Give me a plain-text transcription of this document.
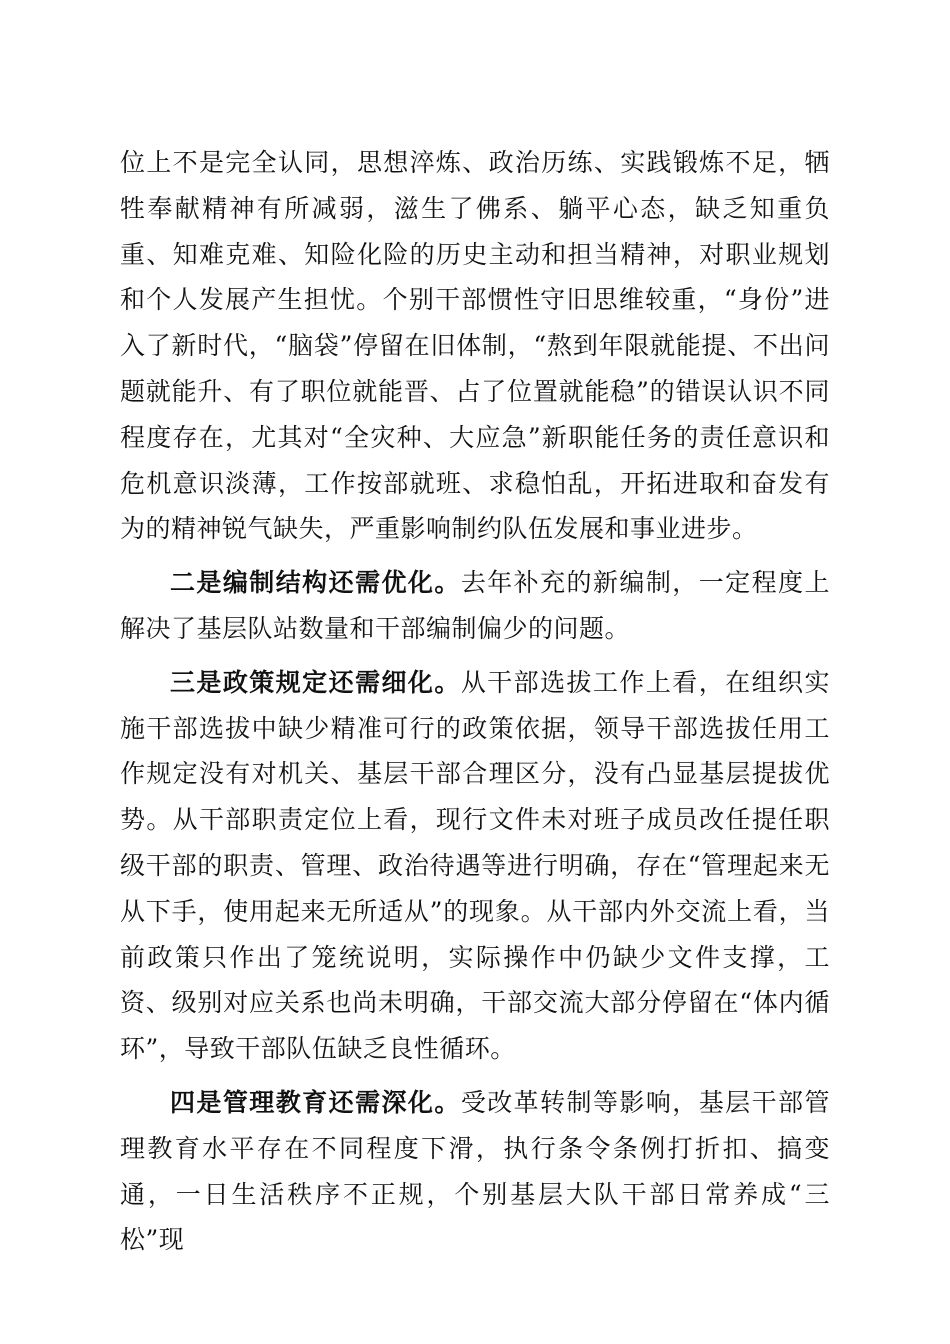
位上不是完全认同，思想淬炼、政治历练、实践锻炼不足，牺牲奉献精神有所减弱，滋生了佛系、躺平心态，缺乏知重负重、知难克难、知险化险的历史主动和担当精神，对职业规划和个人发展产生担忧。个别干部惯性守旧思维较重，“身份”进入了新时代，“脑袋”停留在旧体制，“熬到年限就能提、不出问题就能升、有了职位就能晋、占了位置就能稳”的错误认识不同程度存在，尤其对“全灾种、大应急”新职能任务的责任意识和危机意识淡薄，工作按部就班、求稳怕乱，开拓进取和奋发有为的精神锐气缺失，严重影响制约队伍发展和事业进步。

二是编制结构还需优化。去年补充的新编制，一定程度上解决了基层队站数量和干部编制偏少的问题。

三是政策规定还需细化。从干部选拔工作上看，在组织实施干部选拔中缺少精准可行的政策依据，领导干部选拔任用工作规定没有对机关、基层干部合理区分，没有凸显基层提拔优势。从干部职责定位上看，现行文件未对班子成员改任提任职级干部的职责、管理、政治待遇等进行明确，存在“管理起来无从下手，使用起来无所适从”的现象。从干部内外交流上看，当前政策只作出了笼统说明，实际操作中仍缺少文件支撑，工资、级别对应关系也尚未明确，干部交流大部分停留在“体内循环”，导致干部队伍缺乏良性循环。

四是管理教育还需深化。受改革转制等影响，基层干部管理教育水平存在不同程度下滑，执行条令条例打折扣、搞变通，一日生活秩序不正规，个别基层大队干部日常养成“三松”现
